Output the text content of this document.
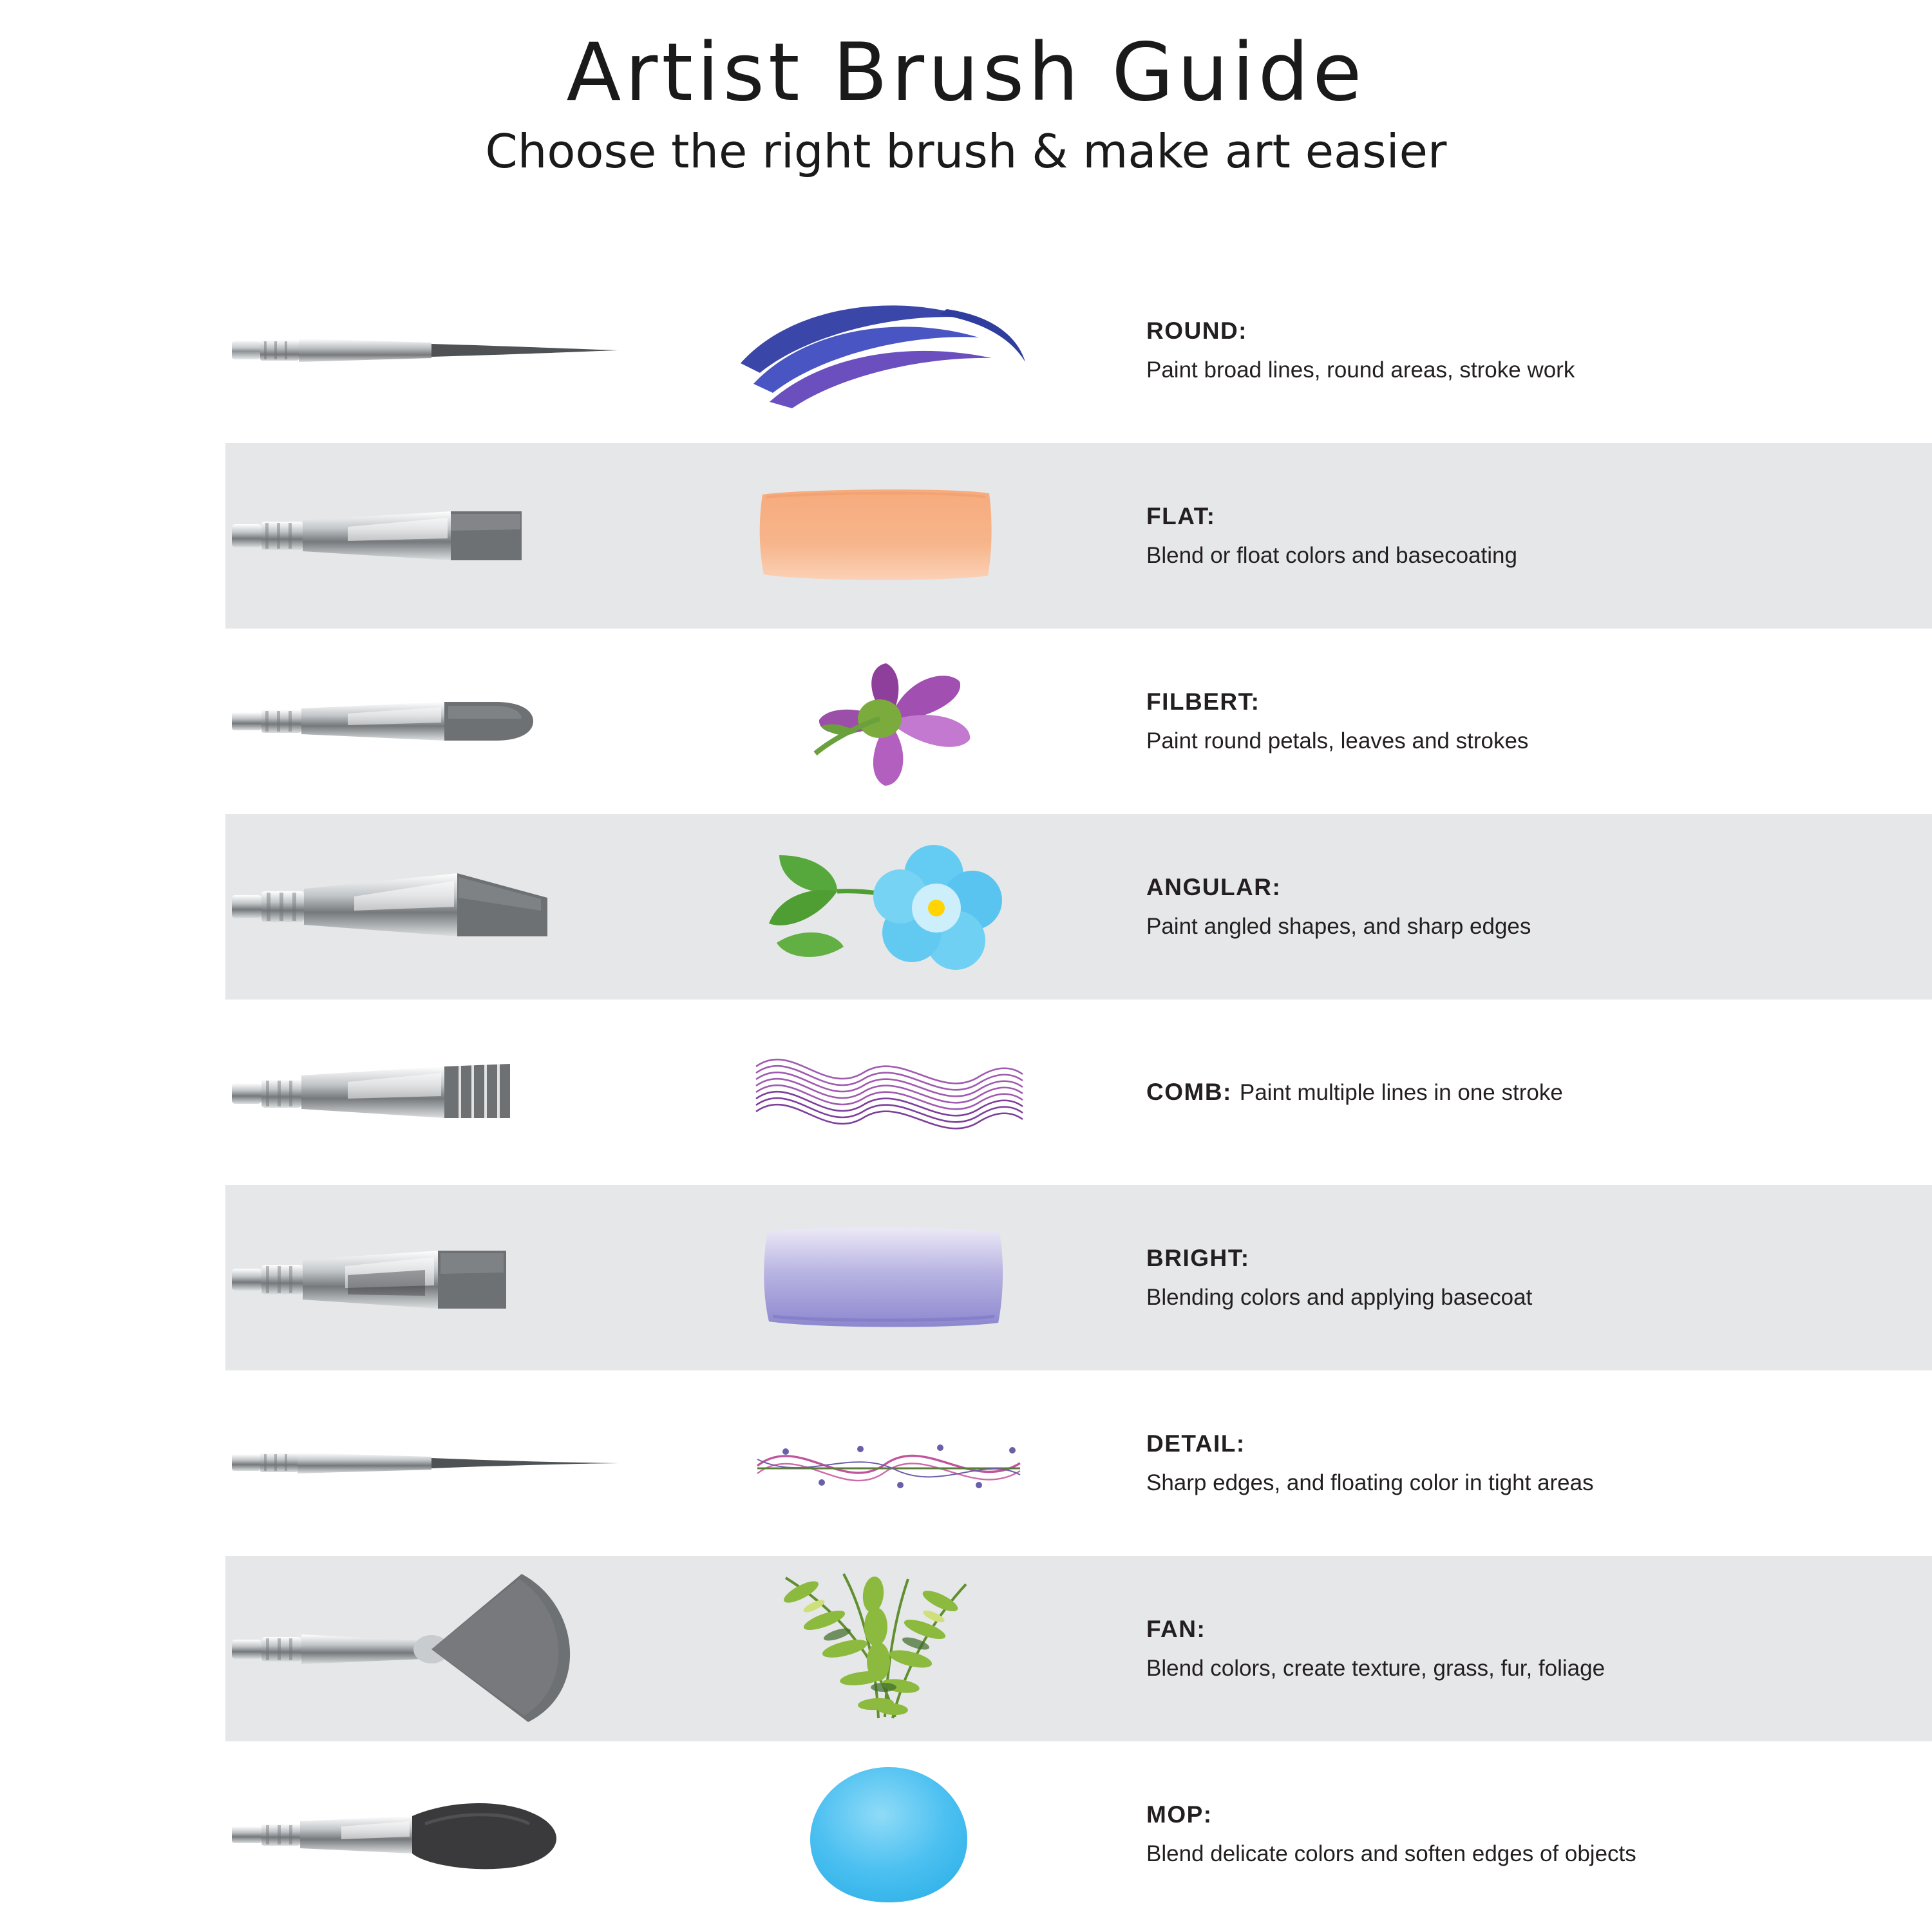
Artist Brush Guide

Choose the right brush & make art easier

ROUND:
Paint broad lines, round areas, stroke work
FLAT:
Blend or float colors and basecoating
FILBERT:
Paint round petals, leaves and strokes
ANGULAR:
Paint angled shapes, and sharp edges
COMB: Paint multiple lines in one stroke
BRIGHT:
Blending colors and applying basecoat
DETAIL:
Sharp edges, and floating color in tight areas
FAN:
Blend colors, create texture, grass, fur, foliage
MOP:
Blend delicate colors and soften edges of objects
